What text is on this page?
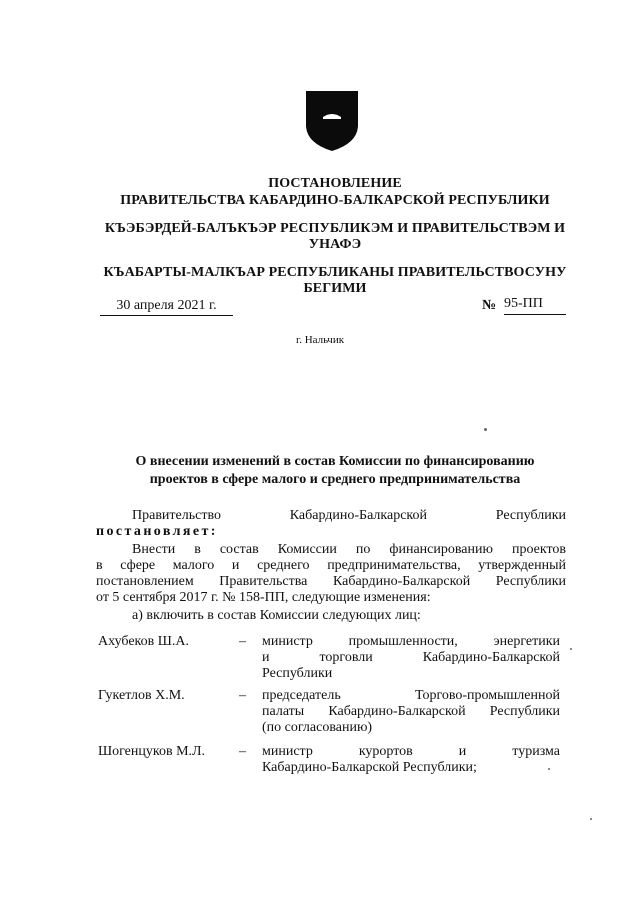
ПОСТАНОВЛЕНИЕ
ПРАВИТЕЛЬСТВА КАБАРДИНО-БАЛКАРСКОЙ РЕСПУБЛИКИ
КЪЭБЭРДЕЙ-БАЛЪКЪЭР РЕСПУБЛИКЭМ И ПРАВИТЕЛЬСТВЭМ И
УНАФЭ
КЪАБАРТЫ-МАЛКЪАР РЕСПУБЛИКАНЫ ПРАВИТЕЛЬСТВОСУНУ
БЕГИМИ
30 апреля 2021 г.	№ 95-ПП
г. Нальчик
О внесении изменений в состав Комиссии по финансированию
проектов в сфере малого и среднего предпринимательства
Правительство Кабардино-Балкарской Республики
постановляет:
Внести в состав Комиссии по финансированию проектов
в сфере малого и среднего предпринимательства, утвержденный
постановлением Правительства Кабардино-Балкарской Республики
от 5 сентября 2017 г. № 158-ПП, следующие изменения:
а) включить в состав Комиссии следующих лиц:
Ахубеков Ш.А.	– министр промышленности, энергетики
и торговли Кабардино-Балкарской
Республики
Гукетлов Х.М.	– председатель Торгово-промышленной
палаты Кабардино-Балкарской Республики
(по согласованию)
Шогенцуков М.Л. – министр курортов и туризма
Кабардино-Балкарской Республики;
